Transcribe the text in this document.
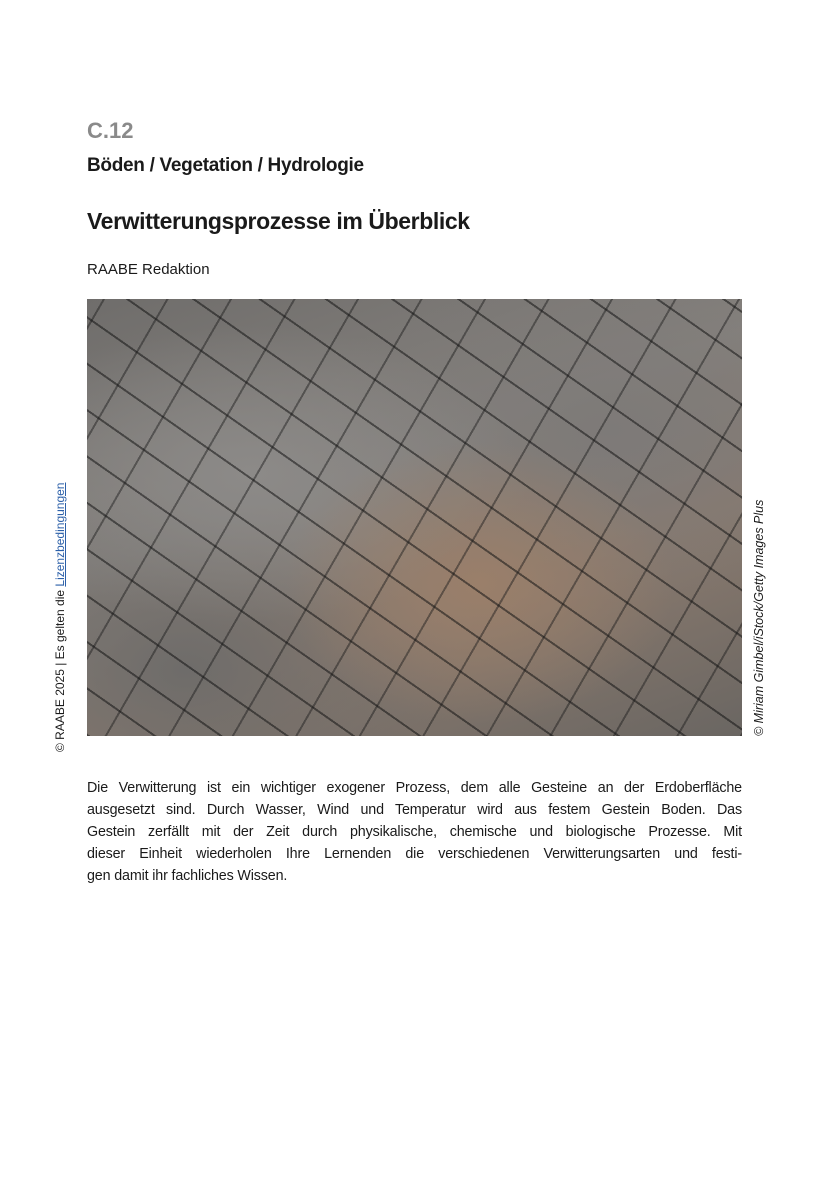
C.12
Böden / Vegetation / Hydrologie
Verwitterungsprozesse im Überblick
RAABE Redaktion
© Miriam Gimbel/iStock/Getty Images Plus
© RAABE 2025 | Es gelten die Lizenzbedingungen
Die Verwitterung ist ein wichtiger exogener Prozess, dem alle Gesteine an der Erdoberfläche
ausgesetzt sind. Durch Wasser, Wind und Temperatur wird aus festem Gestein Boden. Das
Gestein zerfällt mit der Zeit durch physikalische, chemische und biologische Prozesse. Mit
dieser Einheit wiederholen Ihre Lernenden die verschiedenen Verwitterungsarten und festi-
gen damit ihr fachliches Wissen.
